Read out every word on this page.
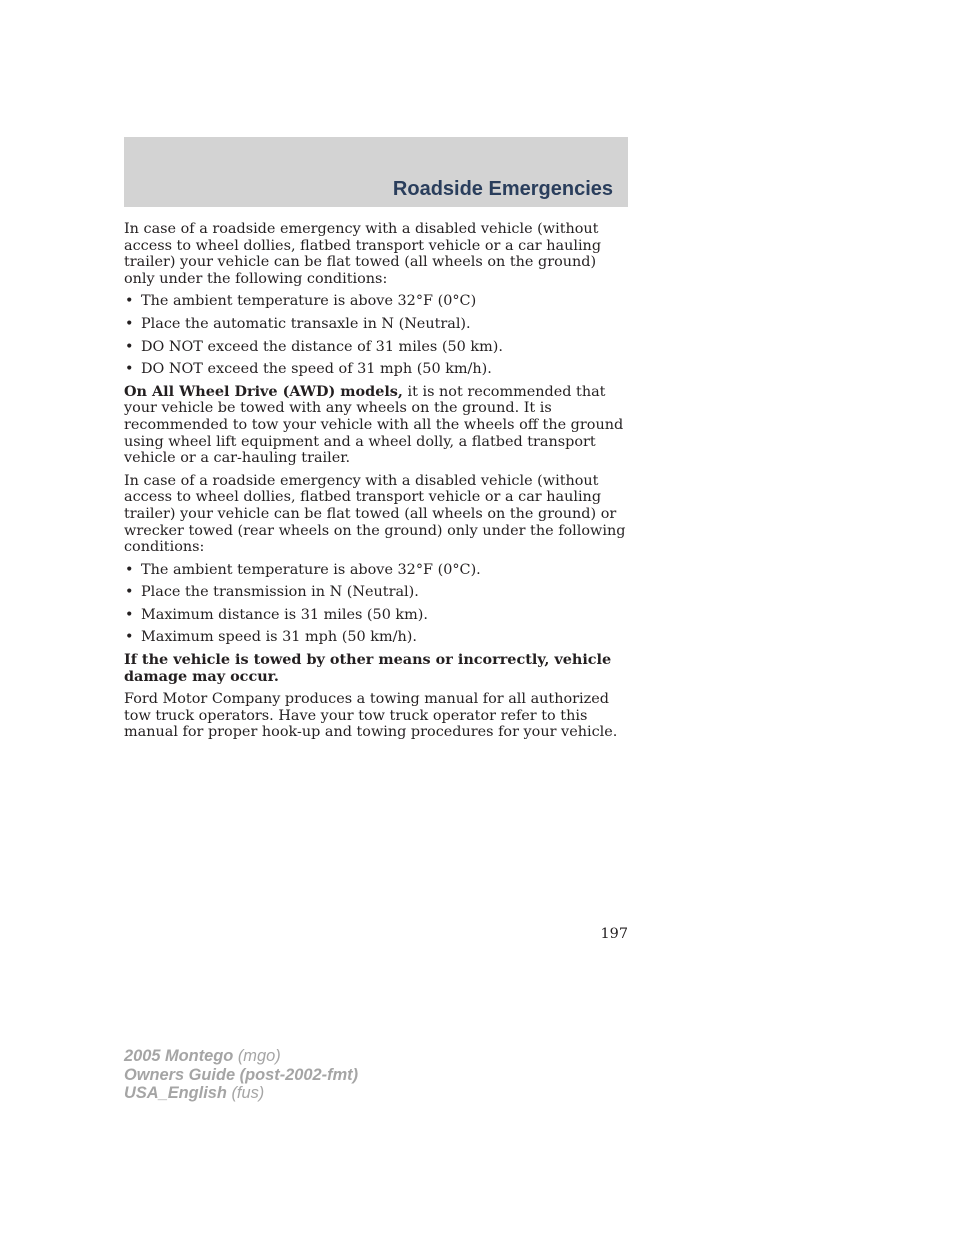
Roadside Emergencies

In case of a roadside emergency with a disabled vehicle (without access to wheel dollies, flatbed transport vehicle or a car hauling trailer) your vehicle can be flat towed (all wheels on the ground) only under the following conditions:

• The ambient temperature is above 32°F (0°C)
• Place the automatic transaxle in N (Neutral).
• DO NOT exceed the distance of 31 miles (50 km).
• DO NOT exceed the speed of 31 mph (50 km/h).

On All Wheel Drive (AWD) models, it is not recommended that your vehicle be towed with any wheels on the ground. It is recommended to tow your vehicle with all the wheels off the ground using wheel lift equipment and a wheel dolly, a flatbed transport vehicle or a car-hauling trailer.

In case of a roadside emergency with a disabled vehicle (without access to wheel dollies, flatbed transport vehicle or a car hauling trailer) your vehicle can be flat towed (all wheels on the ground) or wrecker towed (rear wheels on the ground) only under the following conditions:

• The ambient temperature is above 32°F (0°C).
• Place the transmission in N (Neutral).
• Maximum distance is 31 miles (50 km).
• Maximum speed is 31 mph (50 km/h).

If the vehicle is towed by other means or incorrectly, vehicle damage may occur.

Ford Motor Company produces a towing manual for all authorized tow truck operators. Have your tow truck operator refer to this manual for proper hook-up and towing procedures for your vehicle.

197
2005 Montego (mgo)
Owners Guide (post-2002-fmt)
USA_English (fus)
